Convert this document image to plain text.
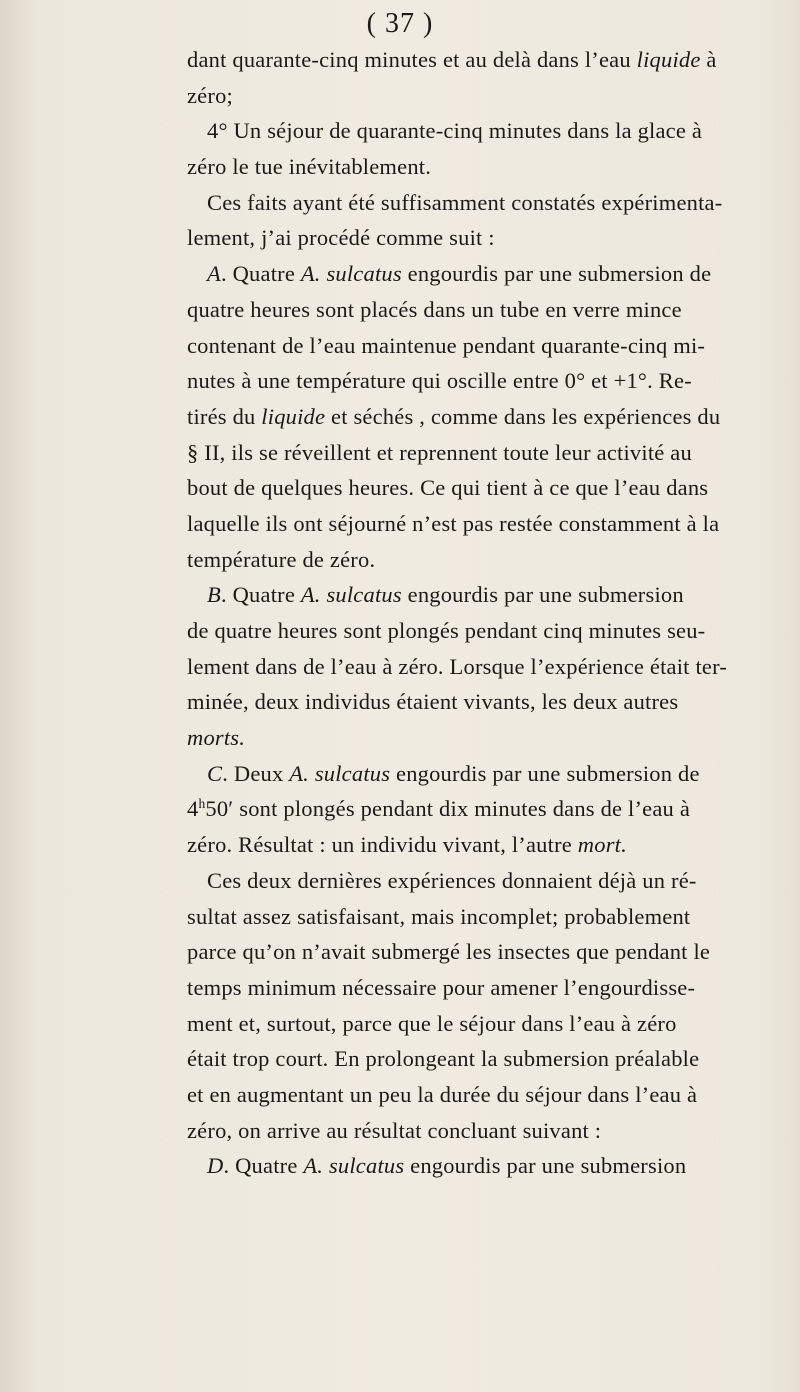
( 37 )
dant quarante-cinq minutes et au delà dans l’eau liquide à
zéro;
4° Un séjour de quarante-cinq minutes dans la glace à
zéro le tue inévitablement.
Ces faits ayant été suffisamment constatés expérimenta-
lement, j’ai procédé comme suit :
A. Quatre A. sulcatus engourdis par une submersion de
quatre heures sont placés dans un tube en verre mince
contenant de l’eau maintenue pendant quarante-cinq mi-
nutes à une température qui oscille entre 0° et +1°. Re-
tirés du liquide et séchés , comme dans les expériences du
§ II, ils se réveillent et reprennent toute leur activité au
bout de quelques heures. Ce qui tient à ce que l’eau dans
laquelle ils ont séjourné n’est pas restée constamment à la
température de zéro.
B. Quatre A. sulcatus engourdis par une submersion
de quatre heures sont plongés pendant cinq minutes seu-
lement dans de l’eau à zéro. Lorsque l’expérience était ter-
minée, deux individus étaient vivants, les deux autres
morts.
C. Deux A. sulcatus engourdis par une submersion de
4$^h$50′ sont plongés pendant dix minutes dans de l’eau à
zéro. Résultat : un individu vivant, l’autre mort.
Ces deux dernières expériences donnaient déjà un ré-
sultat assez satisfaisant, mais incomplet; probablement
parce qu’on n’avait submergé les insectes que pendant le
temps minimum nécessaire pour amener l’engourdisse-
ment et, surtout, parce que le séjour dans l’eau à zéro
était trop court. En prolongeant la submersion préalable
et en augmentant un peu la durée du séjour dans l’eau à
zéro, on arrive au résultat concluant suivant :
D. Quatre A. sulcatus engourdis par une submersion
